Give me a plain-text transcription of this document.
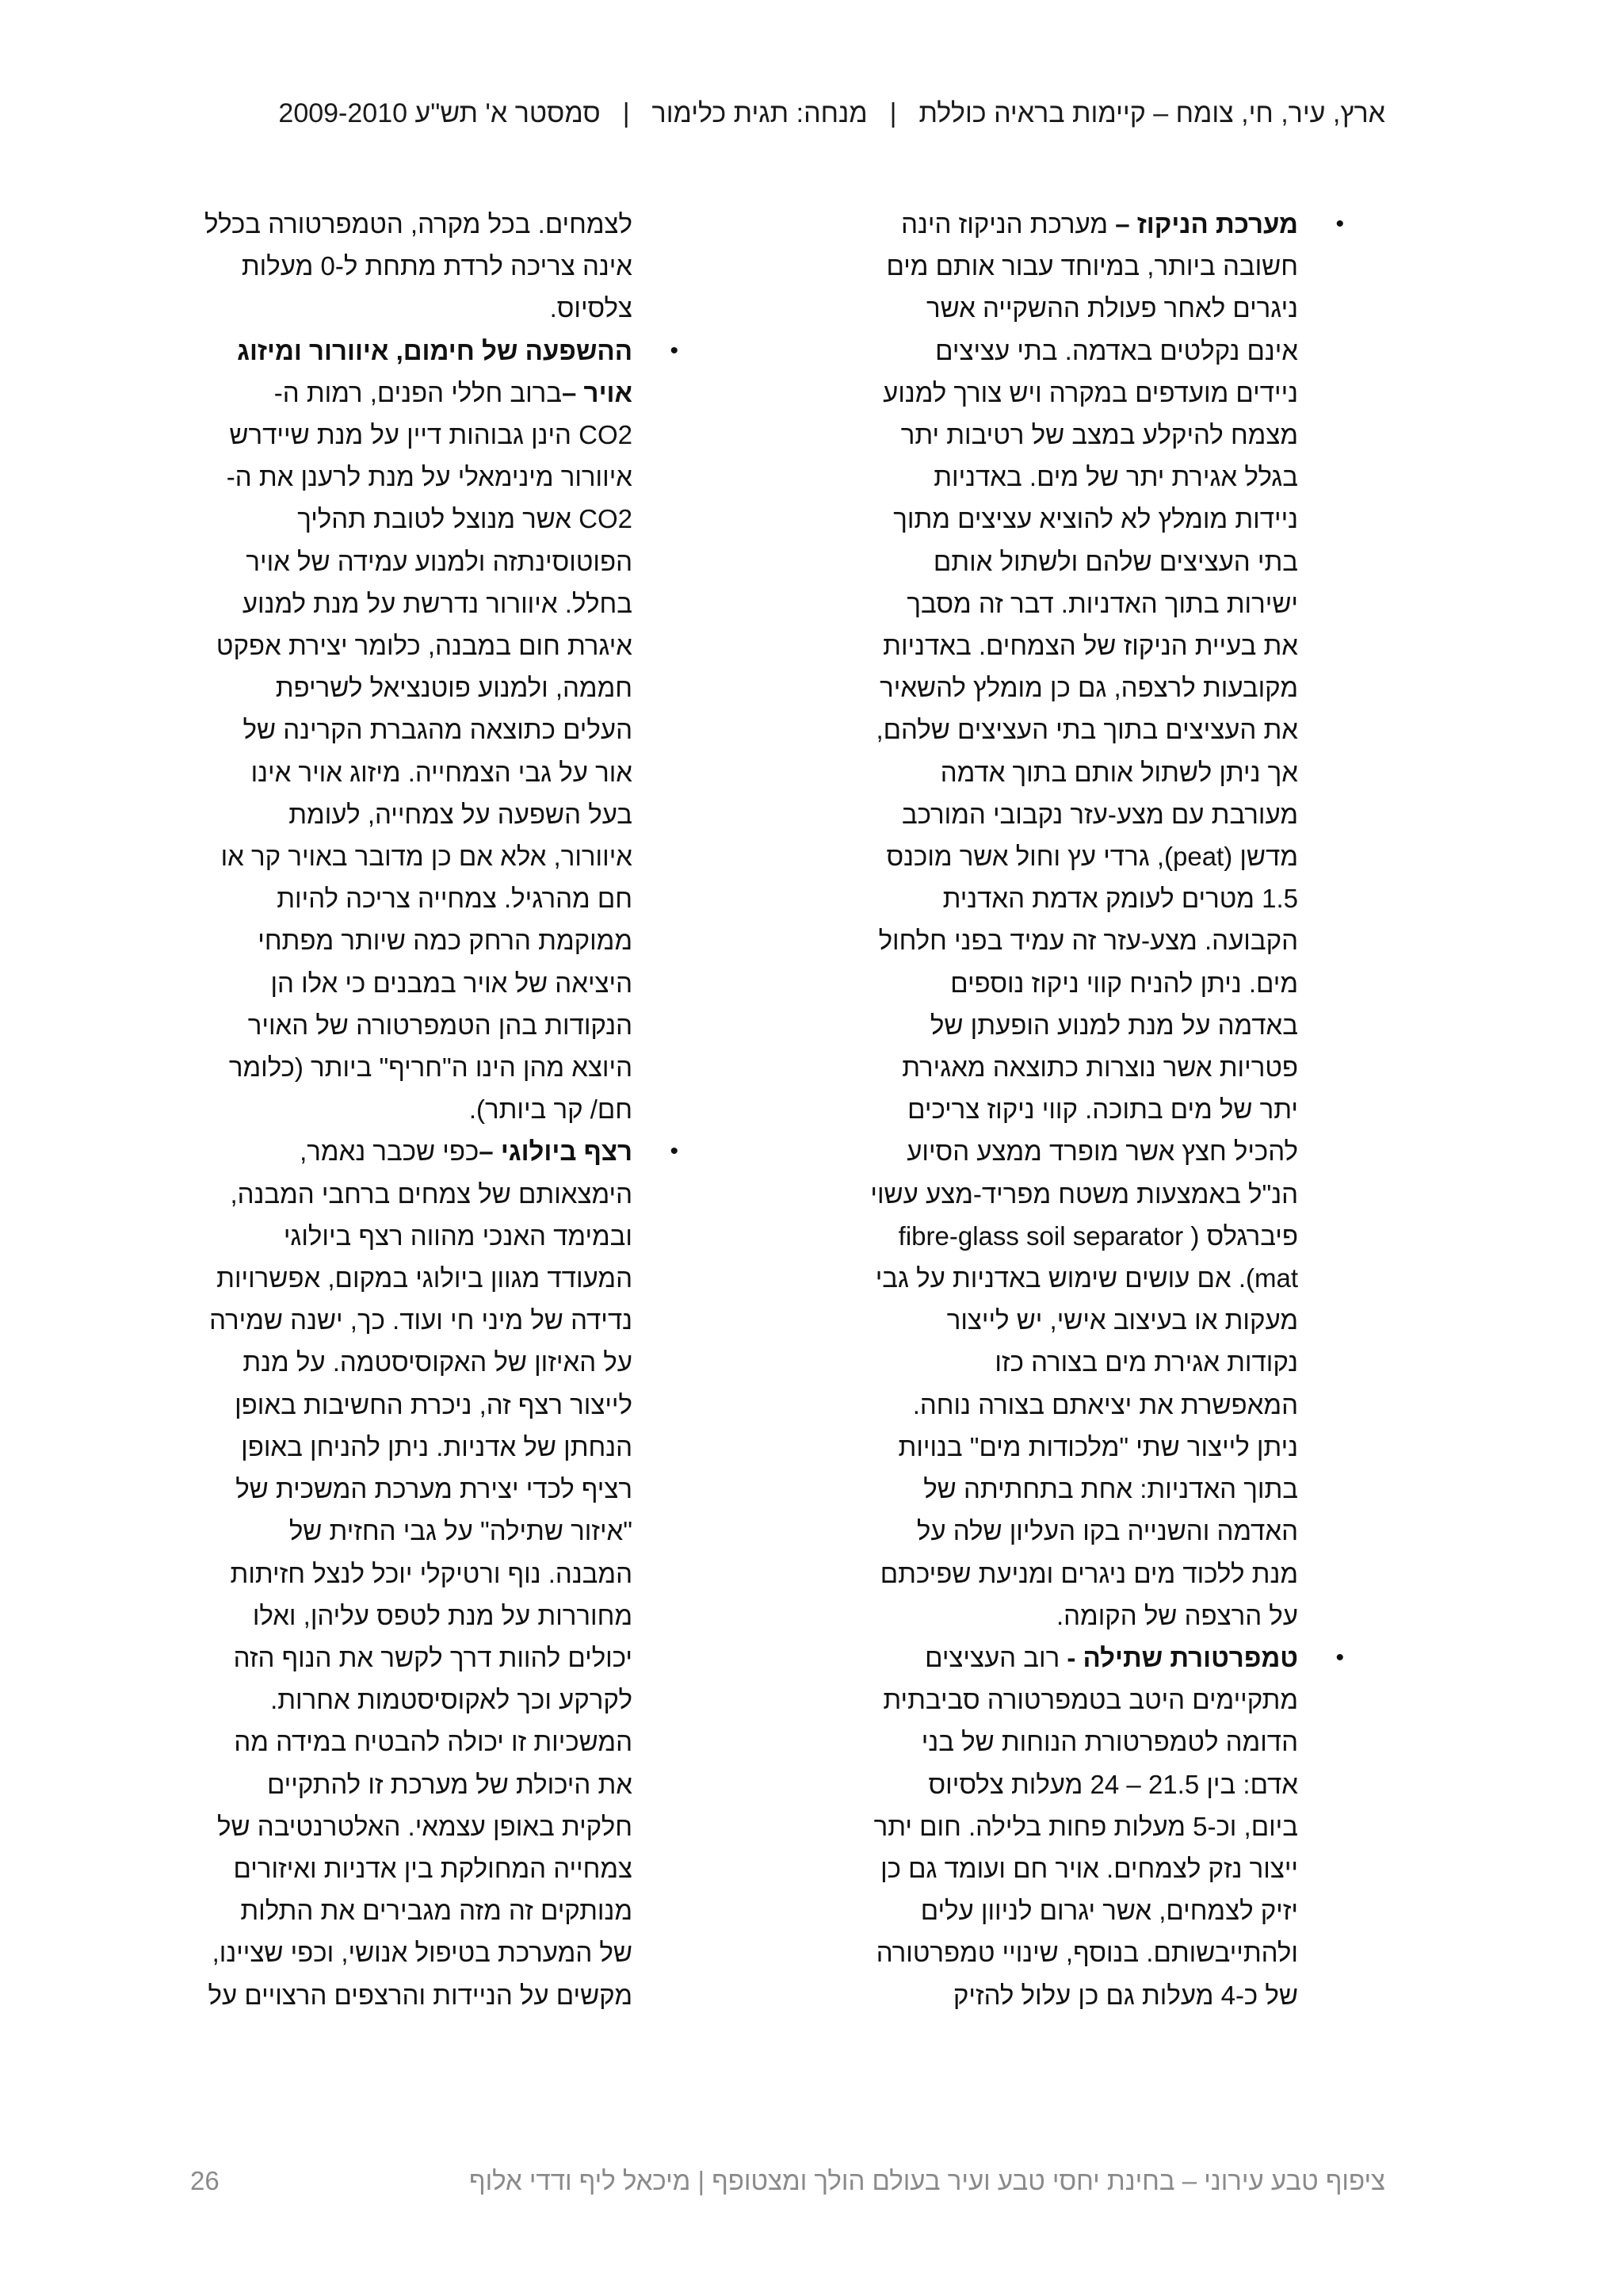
ארץ, עיר, חי, צומח – קיימות בראיה כוללת|מנחה: תגית כלימור|סמסטר א' תש"ע 2009-2010
•
מערכת הניקוז – מערכת הניקוז הינה
חשובה ביותר, במיוחד עבור אותם מים
ניגרים לאחר פעולת ההשקייה אשר
אינם נקלטים באדמה. בתי עציצים
ניידים מועדפים במקרה ויש צורך למנוע
מצמח להיקלע במצב של רטיבות יתר
בגלל אגירת יתר של מים. באדניות
ניידות מומלץ לא להוציא עציצים מתוך
בתי העציצים שלהם ולשתול אותם
ישירות בתוך האדניות. דבר זה מסבך
את בעיית הניקוז של הצמחים. באדניות
מקובעות לרצפה, גם כן מומלץ להשאיר
את העציצים בתוך בתי העציצים שלהם,
אך ניתן לשתול אותם בתוך אדמה
מעורבת עם מצע-עזר נקבובי המורכב
מדשן (peat), גרדי עץ וחול אשר מוכנס
1.5 מטרים לעומק אדמת האדנית
הקבועה. מצע-עזר זה עמיד בפני חלחול
מים. ניתן להניח קווי ניקוז נוספים
באדמה על מנת למנוע הופעתן של
פטריות אשר נוצרות כתוצאה מאגירת
יתר של מים בתוכה. קווי ניקוז צריכים
להכיל חצץ אשר מופרד ממצע הסיוע
הנ"ל באמצעות משטח מפריד-מצע עשוי
פיברגלס ( fibre-glass soil separator
mat). אם עושים שימוש באדניות על גבי
מעקות או בעיצוב אישי, יש לייצור
נקודות אגירת מים בצורה כזו
המאפשרת את יציאתם בצורה נוחה.
ניתן לייצור שתי "מלכודות מים" בנויות
בתוך האדניות: אחת בתחתיתה של
האדמה והשנייה בקו העליון שלה על
מנת ללכוד מים ניגרים ומניעת שפיכתם
על הרצפה של הקומה.
•
טמפרטורת שתילה - רוב העציצים
מתקיימים היטב בטמפרטורה סביבתית
הדומה לטמפרטורת הנוחות של בני
אדם: בין 21.5 – 24 מעלות צלסיוס
ביום, וכ-5 מעלות פחות בלילה. חום יתר
ייצור נזק לצמחים. אויר חם ועומד גם כן
יזיק לצמחים, אשר יגרום לניוון עלים
ולהתייבשותם. בנוסף, שינויי טמפרטורה
של כ-4 מעלות גם כן עלול להזיק
לצמחים. בכל מקרה, הטמפרטורה בכלל
אינה צריכה לרדת מתחת ל-0 מעלות
צלסיוס.
•
ההשפעה של חימום, איוורור ומיזוג
אויר –ברוב חללי הפנים, רמות ה-
CO2 הינן גבוהות דיין על מנת שיידרש
איוורור מינימאלי על מנת לרענן את ה-
CO2 אשר מנוצל לטובת תהליך
הפוטוסינתזה ולמנוע עמידה של אויר
בחלל. איוורור נדרשת על מנת למנוע
איגרת חום במבנה, כלומר יצירת אפקט
חממה, ולמנוע פוטנציאל לשריפת
העלים כתוצאה מהגברת הקרינה של
אור על גבי הצמחייה. מיזוג אויר אינו
בעל השפעה על צמחייה, לעומת
איוורור, אלא אם כן מדובר באויר קר או
חם מהרגיל. צמחייה צריכה להיות
ממוקמת הרחק כמה שיותר מפתחי
היציאה של אויר במבנים כי אלו הן
הנקודות בהן הטמפרטורה של האויר
היוצא מהן הינו ה"חריף" ביותר (כלומר
חם/ קר ביותר).
•
רצף ביולוגי –כפי שכבר נאמר,
הימצאותם של צמחים ברחבי המבנה,
ובמימד האנכי מהווה רצף ביולוגי
המעודד מגוון ביולוגי במקום, אפשרויות
נדידה של מיני חי ועוד. כך, ישנה שמירה
על האיזון של האקוסיסטמה. על מנת
לייצור רצף זה, ניכרת החשיבות באופן
הנחתן של אדניות. ניתן להניחן באופן
רציף לכדי יצירת מערכת המשכית של
"איזור שתילה" על גבי החזית של
המבנה. נוף ורטיקלי יוכל לנצל חזיתות
מחוררות על מנת לטפס עליהן, ואלו
יכולים להוות דרך לקשר את הנוף הזה
לקרקע וכך לאקוסיסטמות אחרות.
המשכיות זו יכולה להבטיח במידה מה
את היכולת של מערכת זו להתקיים
חלקית באופן עצמאי. האלטרנטיבה של
צמחייה המחולקת בין אדניות ואיזורים
מנותקים זה מזה מגבירים את התלות
של המערכת בטיפול אנושי, וכפי שציינו,
מקשים על הניידות והרצפים הרצויים על
ציפוף טבע עירוני – בחינת יחסי טבע ועיר בעולם הולך ומצטופף | מיכאל ליף ודדי אלוף
26
